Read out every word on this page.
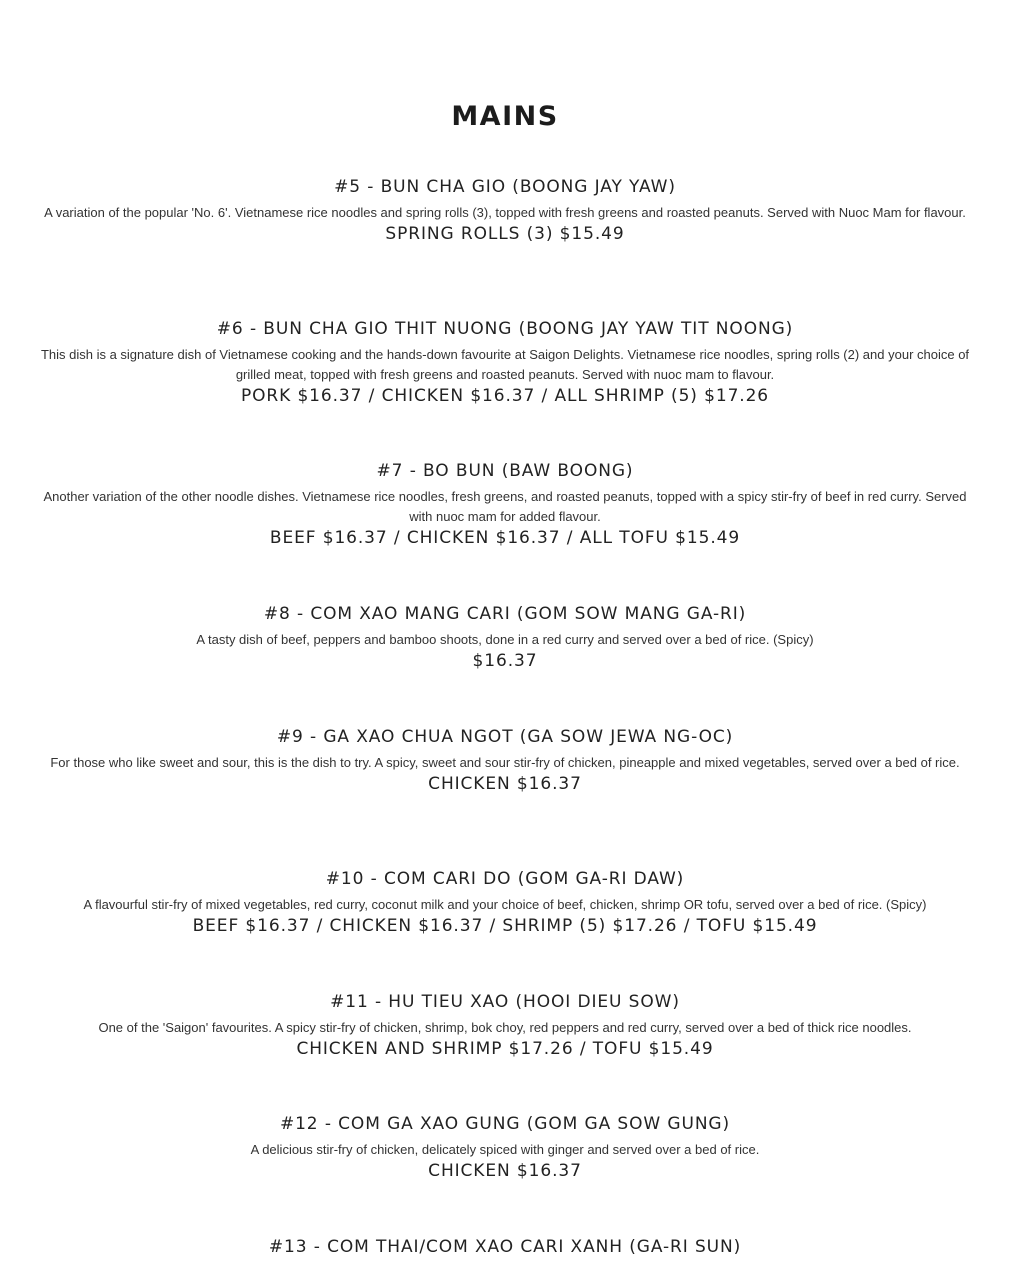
MAINS
#5 - BUN CHA GIO (BOONG JAY YAW)
A variation of the popular 'No. 6'. Vietnamese rice noodles and spring rolls (3), topped with fresh greens and roasted peanuts. Served with Nuoc Mam for flavour.
SPRING ROLLS (3) $15.49
#6 - BUN CHA GIO THIT NUONG (BOONG JAY YAW TIT NOONG)
This dish is a signature dish of Vietnamese cooking and the hands-down favourite at Saigon Delights. Vietnamese rice noodles, spring rolls (2) and your choice of grilled meat, topped with fresh greens and roasted peanuts. Served with nuoc mam to flavour.
PORK $16.37 / CHICKEN $16.37 / ALL SHRIMP (5) $17.26
#7 - BO BUN (BAW BOONG)
Another variation of the other noodle dishes. Vietnamese rice noodles, fresh greens, and roasted peanuts, topped with a spicy stir-fry of beef in red curry. Served with nuoc mam for added flavour.
BEEF $16.37 / CHICKEN $16.37 / ALL TOFU $15.49
#8 - COM XAO MANG CARI (GOM SOW MANG GA-RI)
A tasty dish of beef, peppers and bamboo shoots, done in a red curry and served over a bed of rice. (Spicy)
$16.37
#9 - GA XAO CHUA NGOT (GA SOW JEWA NG-OC)
For those who like sweet and sour, this is the dish to try. A spicy, sweet and sour stir-fry of chicken, pineapple and mixed vegetables, served over a bed of rice.
CHICKEN $16.37
#10 - COM CARI DO (GOM GA-RI DAW)
A flavourful stir-fry of mixed vegetables, red curry, coconut milk and your choice of beef, chicken, shrimp OR tofu, served over a bed of rice. (Spicy)
BEEF $16.37 / CHICKEN $16.37 / SHRIMP (5) $17.26 / TOFU $15.49
#11 - HU TIEU XAO (HOOI DIEU SOW)
One of the 'Saigon' favourites. A spicy stir-fry of chicken, shrimp, bok choy, red peppers and red curry, served over a bed of thick rice noodles.
CHICKEN AND SHRIMP $17.26 / TOFU $15.49
#12 - COM GA XAO GUNG (GOM GA SOW GUNG)
A delicious stir-fry of chicken, delicately spiced with ginger and served over a bed of rice.
CHICKEN $16.37
#13 - COM THAI/COM XAO CARI XANH (GA-RI SUN)
